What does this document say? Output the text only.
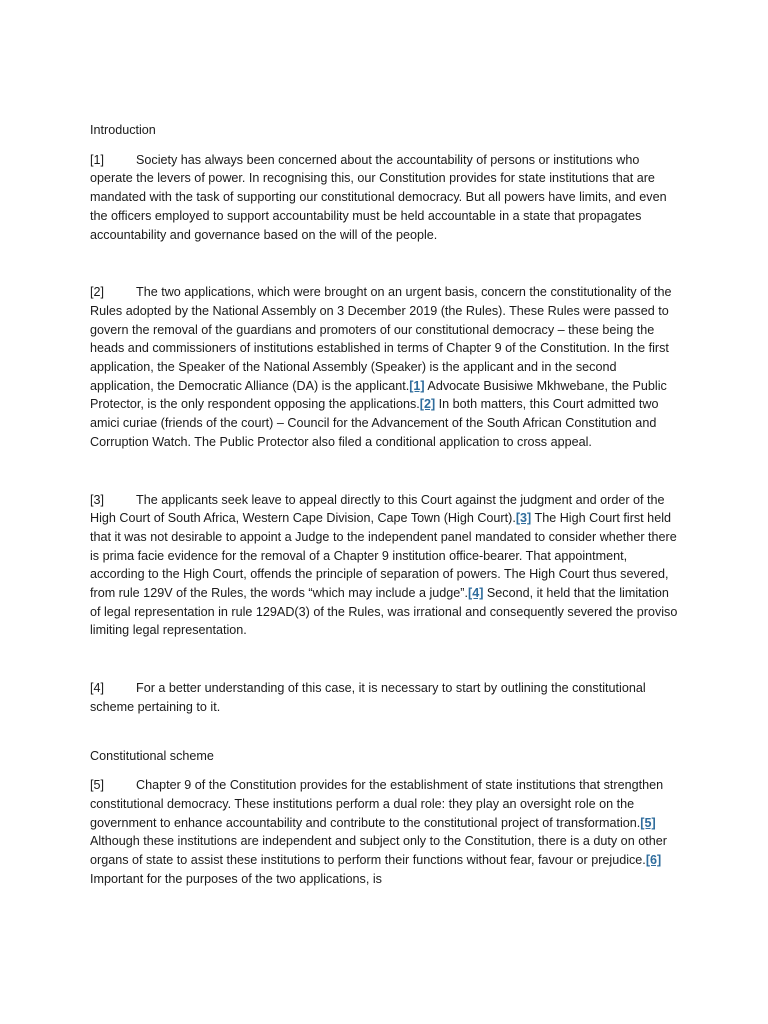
Introduction

[1]	Society has always been concerned about the accountability of persons or institutions who operate the levers of power. In recognising this, our Constitution provides for state institutions that are mandated with the task of supporting our constitutional democracy. But all powers have limits, and even the officers employed to support accountability must be held accountable in a state that propagates accountability and governance based on the will of the people.

[2]	The two applications, which were brought on an urgent basis, concern the constitutionality of the Rules adopted by the National Assembly on 3 December 2019 (the Rules). These Rules were passed to govern the removal of the guardians and promoters of our constitutional democracy – these being the heads and commissioners of institutions established in terms of Chapter 9 of the Constitution. In the first application, the Speaker of the National Assembly (Speaker) is the applicant and in the second application, the Democratic Alliance (DA) is the applicant.[1] Advocate Busisiwe Mkhwebane, the Public Protector, is the only respondent opposing the applications.[2] In both matters, this Court admitted two amici curiae (friends of the court) – Council for the Advancement of the South African Constitution and Corruption Watch. The Public Protector also filed a conditional application to cross appeal.

[3]	The applicants seek leave to appeal directly to this Court against the judgment and order of the High Court of South Africa, Western Cape Division, Cape Town (High Court).[3] The High Court first held that it was not desirable to appoint a Judge to the independent panel mandated to consider whether there is prima facie evidence for the removal of a Chapter 9 institution office-bearer. That appointment, according to the High Court, offends the principle of separation of powers. The High Court thus severed, from rule 129V of the Rules, the words “which may include a judge”.[4] Second, it held that the limitation of legal representation in rule 129AD(3) of the Rules, was irrational and consequently severed the proviso limiting legal representation.

[4]	For a better understanding of this case, it is necessary to start by outlining the constitutional scheme pertaining to it.

Constitutional scheme

[5]	Chapter 9 of the Constitution provides for the establishment of state institutions that strengthen constitutional democracy. These institutions perform a dual role: they play an oversight role on the government to enhance accountability and contribute to the constitutional project of transformation.[5] Although these institutions are independent and subject only to the Constitution, there is a duty on other organs of state to assist these institutions to perform their functions without fear, favour or prejudice.[6] Important for the purposes of the two applications, is
